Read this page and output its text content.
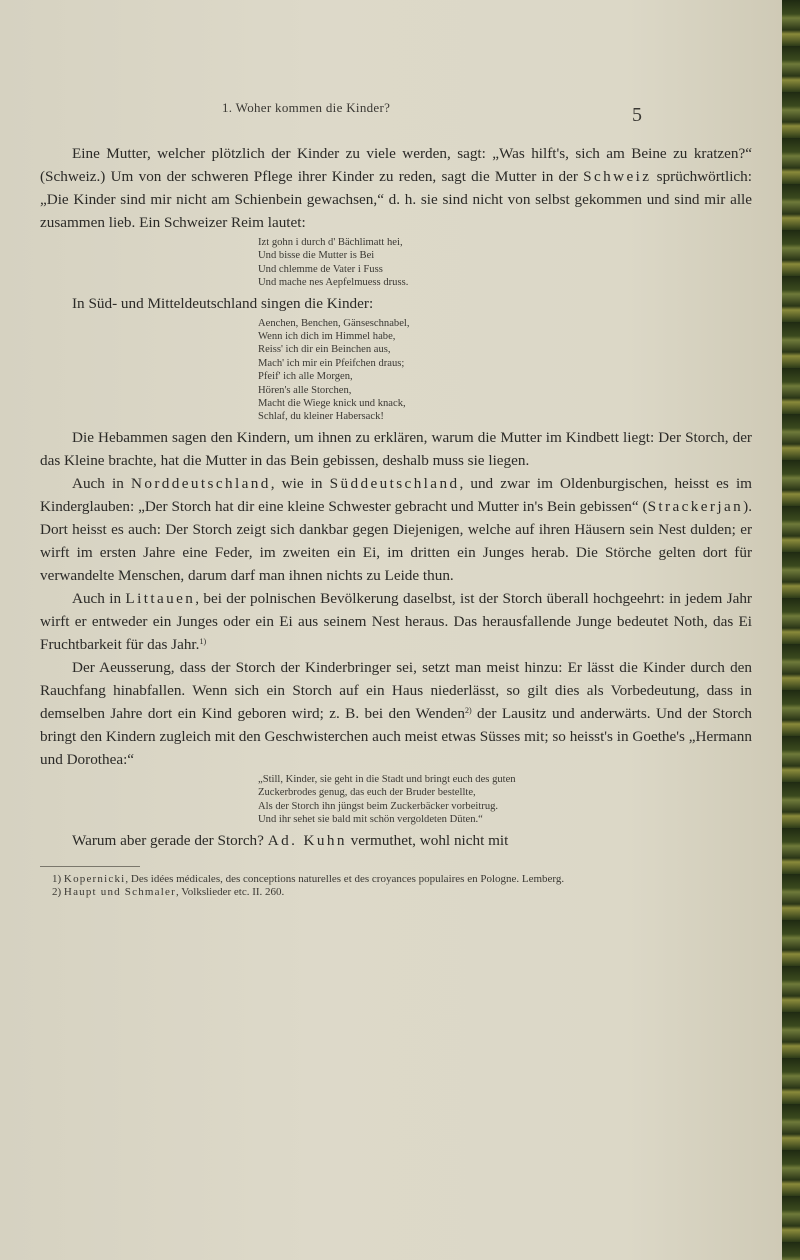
1. Woher kommen die Kinder?	5

Eine Mutter, welcher plötzlich der Kinder zu viele werden, sagt: „Was hilft's, sich am Beine zu kratzen?“ (Schweiz.) Um von der schweren Pflege ihrer Kinder zu reden, sagt die Mutter in der Schweiz sprüchwörtlich: „Die Kinder sind mir nicht am Schienbein gewachsen,“ d. h. sie sind nicht von selbst gekommen und sind mir alle zusammen lieb. Ein Schweizer Reim lautet:

Izt gohn i durch d' Bächlimatt hei,
Und bisse die Mutter is Bei
Und chlemme de Vater i Fuss
Und mache nes Aepfelmuess druss.

In Süd- und Mitteldeutschland singen die Kinder:

Aenchen, Benchen, Gänseschnabel,
Wenn ich dich im Himmel habe,
Reiss' ich dir ein Beinchen aus,
Mach' ich mir ein Pfeifchen draus;
Pfeif' ich alle Morgen,
Hören's alle Storchen,
Macht die Wiege knick und knack,
Schlaf, du kleiner Habersack!

Die Hebammen sagen den Kindern, um ihnen zu erklären, warum die Mutter im Kindbett liegt: Der Storch, der das Kleine brachte, hat die Mutter in das Bein gebissen, deshalb muss sie liegen.

Auch in Norddeutschland, wie in Süddeutschland, und zwar im Oldenburgischen, heisst es im Kinderglauben: „Der Storch hat dir eine kleine Schwester gebracht und Mutter in's Bein gebissen“ (Strackerjan). Dort heisst es auch: Der Storch zeigt sich dankbar gegen Diejenigen, welche auf ihren Häusern sein Nest dulden; er wirft im ersten Jahre eine Feder, im zweiten ein Ei, im dritten ein Junges herab. Die Störche gelten dort für verwandelte Menschen, darum darf man ihnen nichts zu Leide thun.

Auch in Littauen, bei der polnischen Bevölkerung daselbst, ist der Storch überall hochgeehrt: in jedem Jahr wirft er entweder ein Junges oder ein Ei aus seinem Nest heraus. Das herausfallende Junge bedeutet Noth, das Ei Fruchtbarkeit für das Jahr.$^{1)}$

Der Aeusserung, dass der Storch der Kinderbringer sei, setzt man meist hinzu: Er lässt die Kinder durch den Rauchfang hinabfallen. Wenn sich ein Storch auf ein Haus niederlässt, so gilt dies als Vorbedeutung, dass in demselben Jahre dort ein Kind geboren wird; z. B. bei den Wenden$^{2)}$ der Lausitz und anderwärts. Und der Storch bringt den Kindern zugleich mit den Geschwisterchen auch meist etwas Süsses mit; so heisst's in Goethe's „Hermann und Dorothea:“

„Still, Kinder, sie geht in die Stadt und bringt euch des guten
Zuckerbrodes genug, das euch der Bruder bestellte,
Als der Storch ihn jüngst beim Zuckerbäcker vorbeitrug.
Und ihr sehet sie bald mit schön vergoldeten Düten.“

Warum aber gerade der Storch? Ad. Kuhn vermuthet, wohl nicht mit

1) Kopernicki, Des idées médicales, des conceptions naturelles et des croyances populaires en Pologne. Lemberg.

2) Haupt und Schmaler, Volkslieder etc. II. 260.
